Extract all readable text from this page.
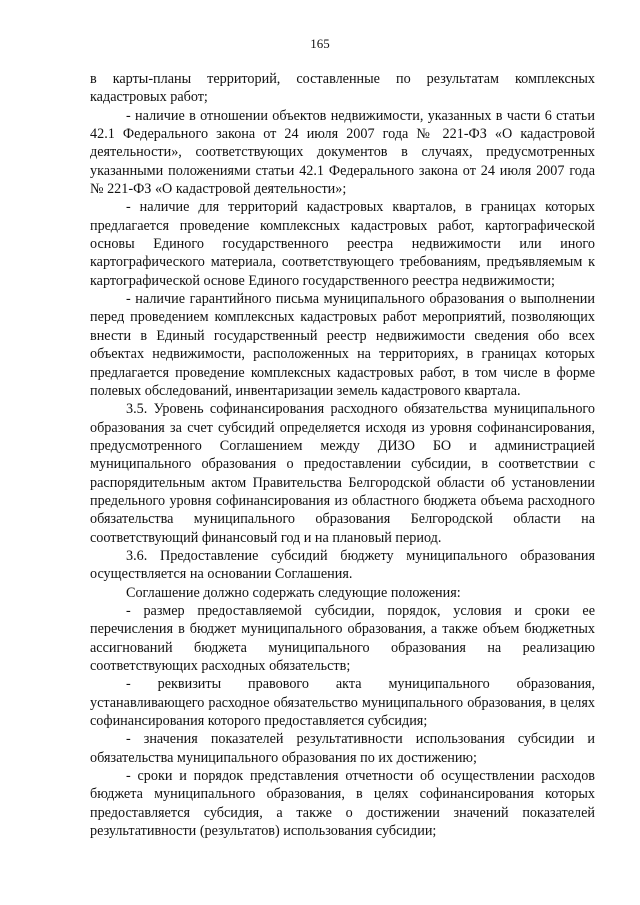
165

в карты-планы территорий, составленные по результатам комплексных кадастровых работ;

- наличие в отношении объектов недвижимости, указанных в части 6 статьи 42.1 Федерального закона от 24 июля 2007 года № 221-ФЗ «О кадастровой деятельности», соответствующих документов в случаях, предусмотренных указанными положениями статьи 42.1 Федерального закона от 24 июля 2007 года № 221-ФЗ «О кадастровой деятельности»;

- наличие для территорий кадастровых кварталов, в границах которых предлагается проведение комплексных кадастровых работ, картографической основы Единого государственного реестра недвижимости или иного картографического материала, соответствующего требованиям, предъявляемым к картографической основе Единого государственного реестра недвижимости;

- наличие гарантийного письма муниципального образования о выполнении перед проведением комплексных кадастровых работ мероприятий, позволяющих внести в Единый государственный реестр недвижимости сведения обо всех объектах недвижимости, расположенных на территориях, в границах которых предлагается проведение комплексных кадастровых работ, в том числе в форме полевых обследований, инвентаризации земель кадастрового квартала.

3.5. Уровень софинансирования расходного обязательства муниципального образования за счет субсидий определяется исходя из уровня софинансирования, предусмотренного Соглашением между ДИЗО БО и администрацией муниципального образования о предоставлении субсидии, в соответствии с распорядительным актом Правительства Белгородской области об установлении предельного уровня софинансирования из областного бюджета объема расходного обязательства муниципального образования Белгородской области на соответствующий финансовый год и на плановый период.

3.6. Предоставление субсидий бюджету муниципального образования осуществляется на основании Соглашения.

Соглашение должно содержать следующие положения:

- размер предоставляемой субсидии, порядок, условия и сроки ее перечисления в бюджет муниципального образования, а также объем бюджетных ассигнований бюджета муниципального образования на реализацию соответствующих расходных обязательств;

- реквизиты правового акта муниципального образования, устанавливающего расходное обязательство муниципального образования, в целях софинансирования которого предоставляется субсидия;

- значения показателей результативности использования субсидии и обязательства муниципального образования по их достижению;

- сроки и порядок представления отчетности об осуществлении расходов бюджета муниципального образования, в целях софинансирования которых предоставляется субсидия, а также о достижении значений показателей результативности (результатов) использования субсидии;
